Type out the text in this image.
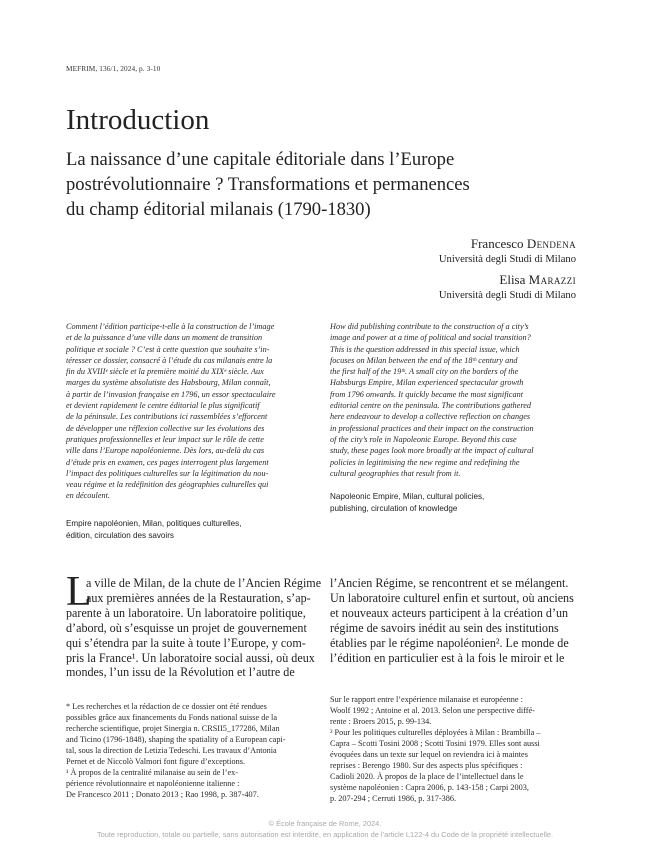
MEFRIM, 136/1, 2024, p. 3-10
Introduction
La naissance d’une capitale éditoriale dans l’Europe
postrévolutionnaire ? Transformations et permanences
du champ éditorial milanais (1790-1830)
Francesco Dendena
Università degli Studi di Milano
Elisa Marazzi
Università degli Studi di Milano
Comment l’édition participe-t-elle à la construction de l’image
et de la puissance d’une ville dans un moment de transition
politique et sociale ? C’est à cette question que souhaite s’in-
téresser ce dossier, consacré à l’étude du cas milanais entre la
fin du XVIIIᵉ siècle et la première moitié du XIXᵉ siècle. Aux
marges du système absolutiste des Habsbourg, Milan connaît,
à partir de l’invasion française en 1796, un essor spectaculaire
et devient rapidement le centre éditorial le plus significatif
de la péninsule. Les contributions ici rassemblées s’efforcent
de développer une réflexion collective sur les évolutions des
pratiques professionnelles et leur impact sur le rôle de cette
ville dans l’Europe napoléonienne. Dès lors, au-delà du cas
d’étude pris en examen, ces pages interrogent plus largement
l’impact des politiques culturelles sur la légitimation du nou-
veau régime et la redéfinition des géographies culturelles qui
en découlent.
Empire napoléonien, Milan, politiques culturelles,
édition, circulation des savoirs
How did publishing contribute to the construction of a city’s
image and power at a time of political and social transition?
This is the question addressed in this special issue, which
focuses on Milan between the end of the 18ᵗʰ century and
the first half of the 19ᵗʰ. A small city on the borders of the
Habsburgs Empire, Milan experienced spectacular growth
from 1796 onwards. It quickly became the most significant
editorial centre on the peninsula. The contributions gathered
here endeavour to develop a collective reflection on changes
in professional practices and their impact on the construction
of the city’s role in Napoleonic Europe. Beyond this case
study, these pages look more broadly at the impact of cultural
policies in legitimising the new regime and redefining the
cultural geographies that result from it.
Napoleonic Empire, Milan, cultural policies,
publishing, circulation of knowledge
L
a ville de Milan, de la chute de l’Ancien Régime
aux premières années de la Restauration, s’ap-
parente à un laboratoire. Un laboratoire politique,
d’abord, où s’esquisse un projet de gouvernement
qui s’étendra par la suite à toute l’Europe, y com-
pris la France¹. Un laboratoire social aussi, où deux
mondes, l’un issu de la Révolution et l’autre de
l’Ancien Régime, se rencontrent et se mélangent.
Un laboratoire culturel enfin et surtout, où anciens
et nouveaux acteurs participent à la création d’un
régime de savoirs inédit au sein des institutions
établies par le régime napoléonien². Le monde de
l’édition en particulier est à la fois le miroir et le
* Les recherches et la rédaction de ce dossier ont été rendues
possibles grâce aux financements du Fonds national suisse de la
recherche scientifique, projet Sinergia n. CRSII5_177286, Milan
and Ticino (1796-1848), shaping the spatiality of a European capi-
tal, sous la direction de Letizia Tedeschi. Les travaux d’Antonia
Pernet et de Niccolò Valmori font figure d’exceptions.
¹ À propos de la centralité milanaise au sein de l’ex-
périence révolutionnaire et napoléonienne italienne :
De Francesco 2011 ; Donato 2013 ; Rao 1998, p. 387-407.
Sur le rapport entre l’expérience milanaise et européenne :
Woolf 1992 ; Antoine et al. 2013. Selon une perspective diffé-
rente : Broers 2015, p. 99-134.
² Pour les politiques culturelles déployées à Milan : Brambilla –
Capra – Scotti Tosini 2008 ; Scotti Tosini 1979. Elles sont aussi
évoquées dans un texte sur lequel on reviendra ici à maintes
reprises : Berengo 1980. Sur des aspects plus spécifiques :
Cadioli 2020. À propos de la place de l’intellectuel dans le
système napoléonien : Capra 2006, p. 143-158 ; Carpi 2003,
p. 207-294 ; Cerruti 1986, p. 317-386.
© École française de Rome, 2024.
Toute reproduction, totale ou partielle, sans autorisation est interdite, en application de l’article L122-4 du Code de la propriété intellectuelle.
